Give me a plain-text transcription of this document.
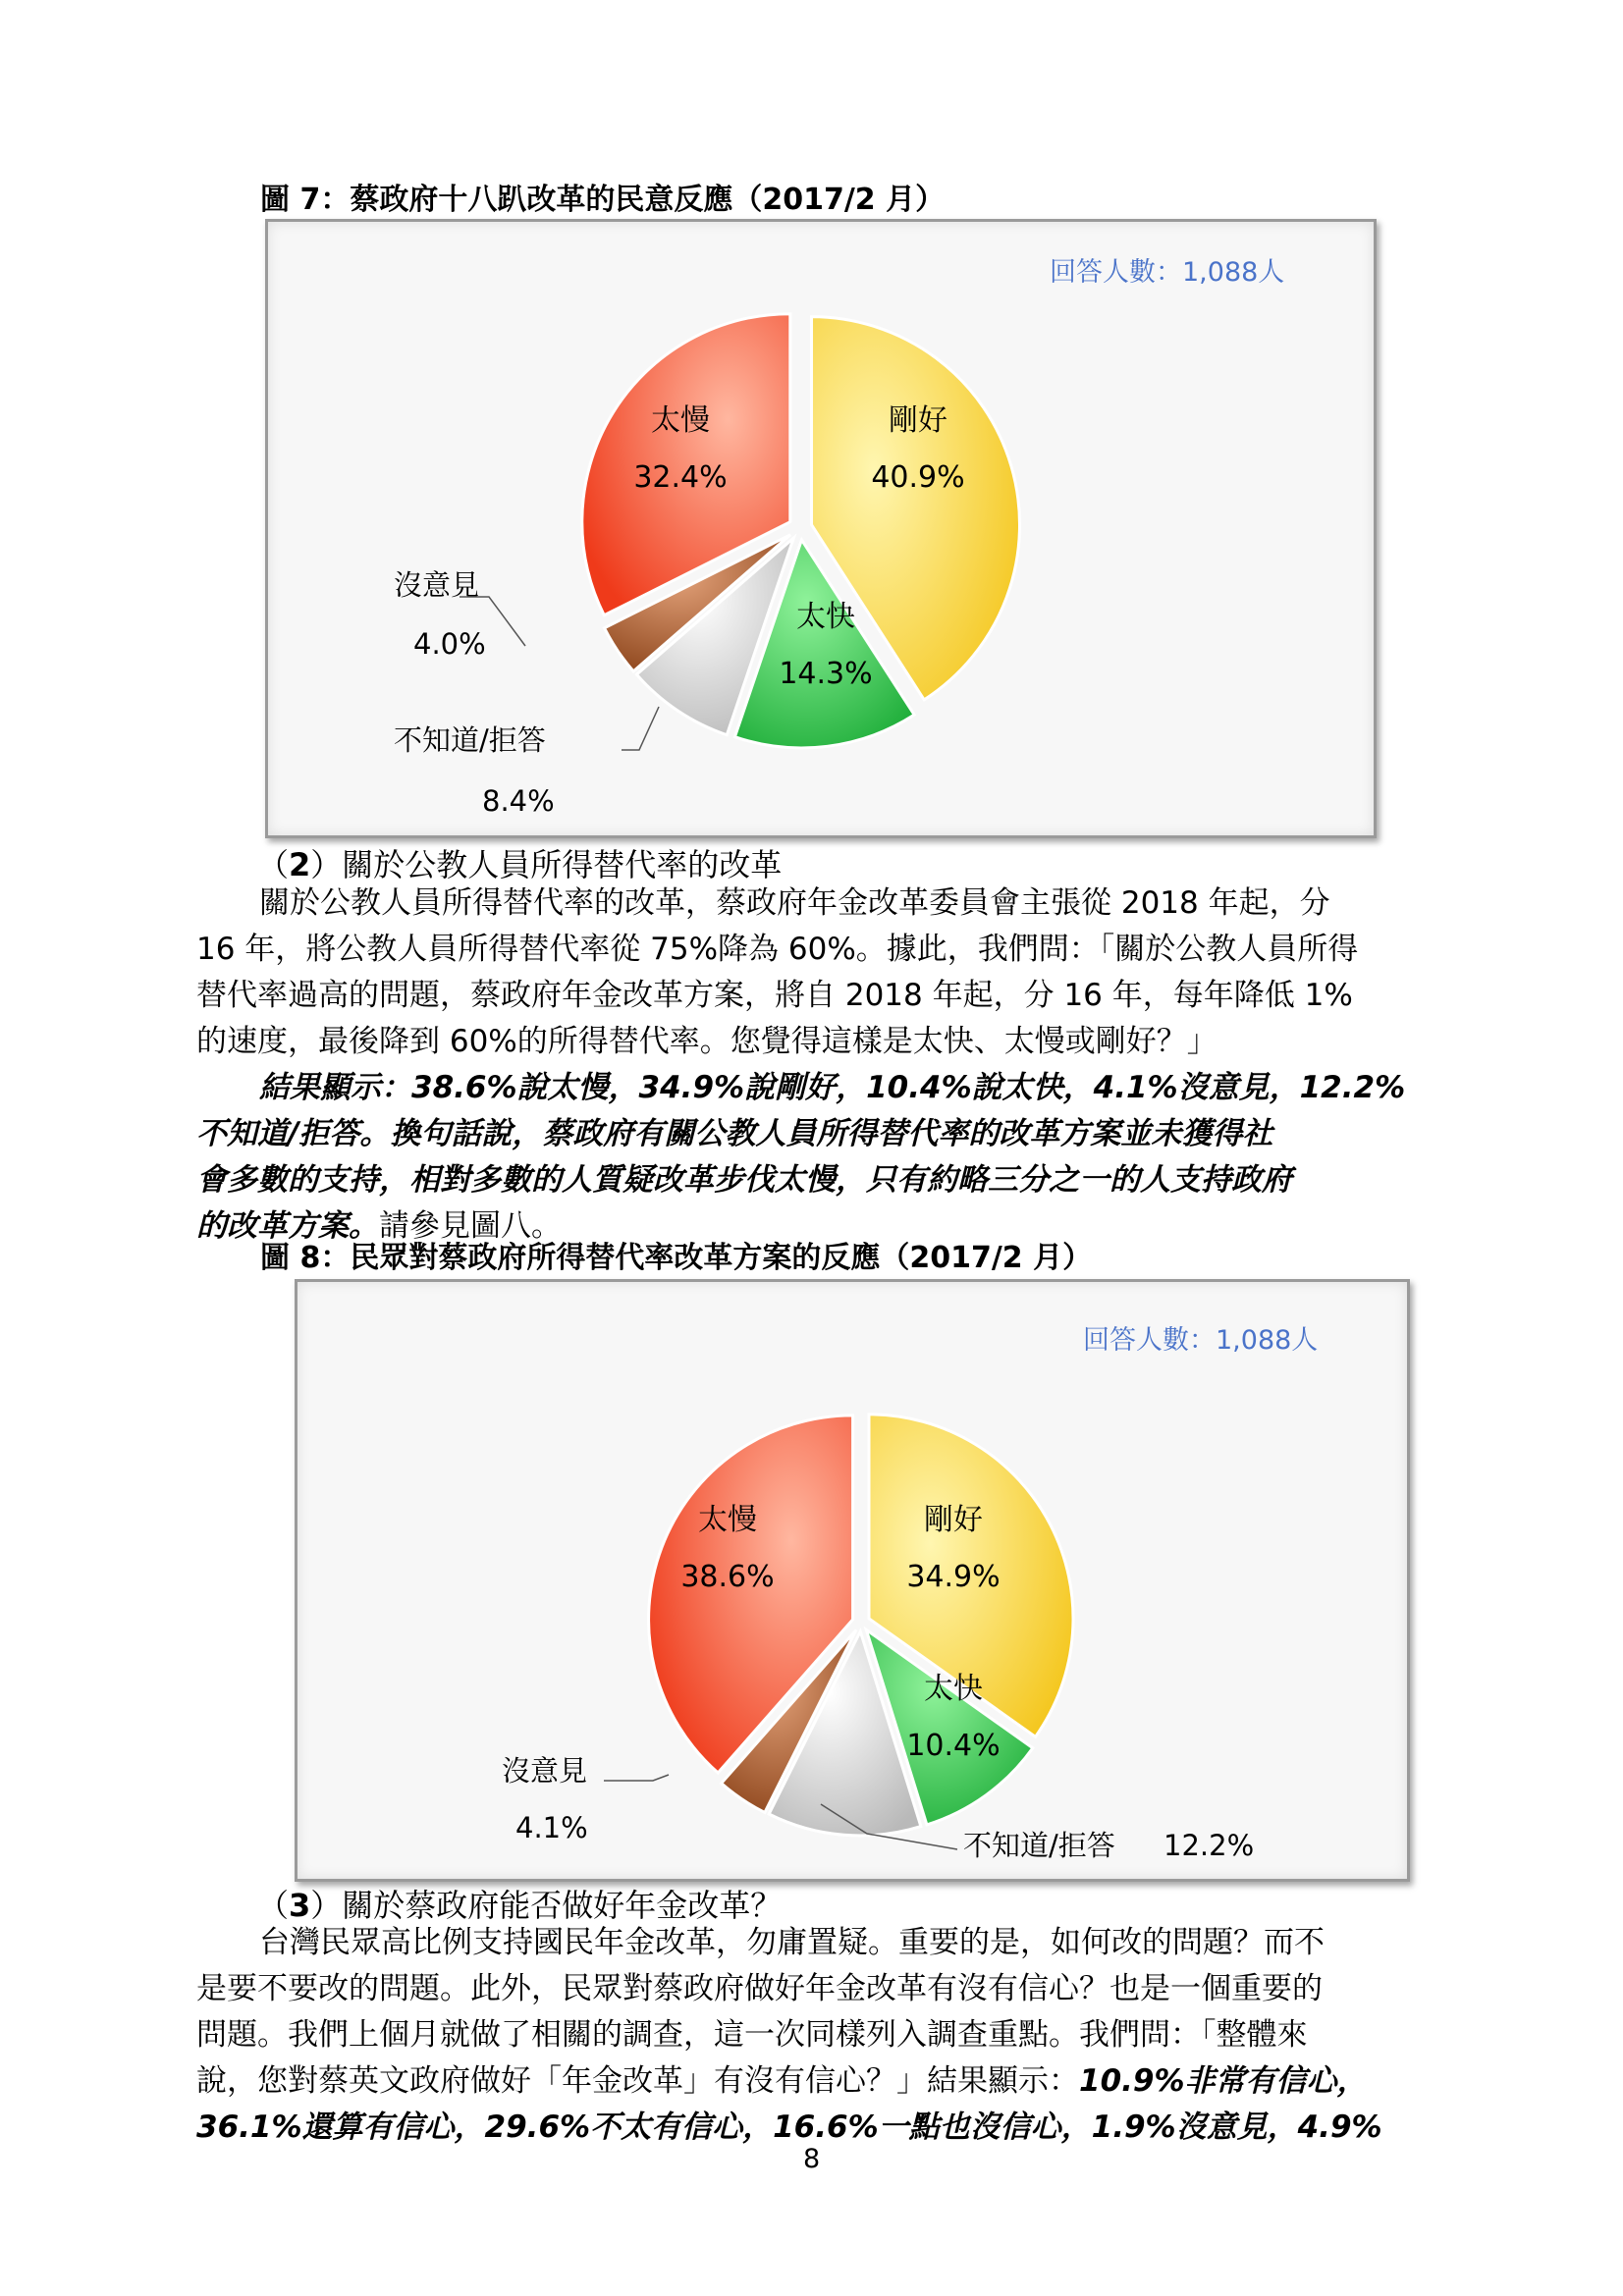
圖 7：蔡政府十八趴改革的民意反應（2017/2 月）
回答人數：1,088人
太慢
32.4%
剛好
40.9%
太快
14.3%
沒意見
4.0%
不知道/拒答
8.4%
（2）關於公教人員所得替代率的改革
關於公教人員所得替代率的改革，蔡政府年金改革委員會主張從 2018 年起，分
16 年，將公教人員所得替代率從 75%降為 60%。據此，我們問：「關於公教人員所得
替代率過高的問題，蔡政府年金改革方案，將自 2018 年起，分 16 年，每年降低 1%
的速度，最後降到 60%的所得替代率。您覺得這樣是太快、太慢或剛好？」
結果顯示：38.6%說太慢，34.9%說剛好，10.4%說太快，4.1%沒意見，12.2%
不知道/拒答。換句話說，蔡政府有關公教人員所得替代率的改革方案並未獲得社
會多數的支持，相對多數的人質疑改革步伐太慢，只有約略三分之一的人支持政府
的改革方案。請參見圖八。
圖 8：民眾對蔡政府所得替代率改革方案的反應（2017/2 月）
回答人數：1,088人
太慢
38.6%
剛好
34.9%
太快
10.4%
沒意見
4.1%
不知道/拒答 12.2%
（3）關於蔡政府能否做好年金改革？
台灣民眾高比例支持國民年金改革，勿庸置疑。重要的是，如何改的問題？而不
是要不要改的問題。此外，民眾對蔡政府做好年金改革有沒有信心？也是一個重要的
問題。我們上個月就做了相關的調查，這一次同樣列入調查重點。我們問：「整體來
說，您對蔡英文政府做好「年金改革」有沒有信心？」結果顯示：10.9%非常有信心，
36.1%還算有信心，29.6%不太有信心，16.6%一點也沒信心，1.9%沒意見，4.9%
8
